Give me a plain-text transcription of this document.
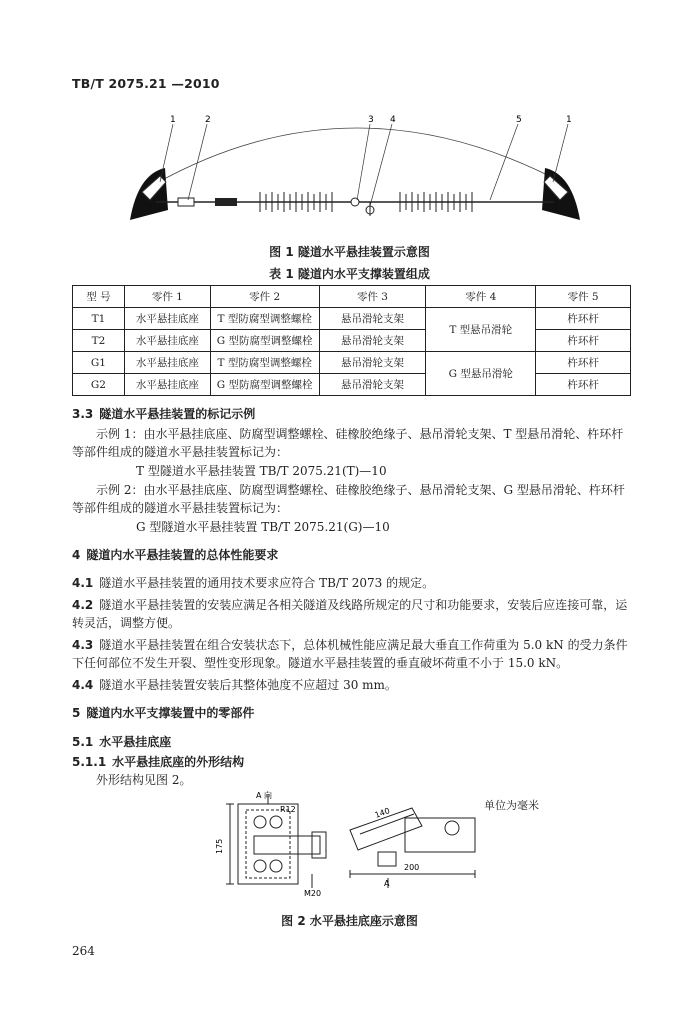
TB/T 2075.21 —2010
1	2	3 4	5	1
图 1 隧道水平悬挂装置示意图
表 1 隧道内水平支撑装置组成
型 号	零件 1	零件 2	零件 3	零件 4	零件 5
T1	水平悬挂底座	T 型防腐型调整螺栓	悬吊滑轮支架	T 型悬吊滑轮	杵环杆
T2	水平悬挂底座	G 型防腐型调整螺栓	悬吊滑轮支架		杵环杆
G1	水平悬挂底座	T 型防腐型调整螺栓	悬吊滑轮支架	G 型悬吊滑轮	杵环杆
G2	水平悬挂底座	G 型防腐型调整螺栓	悬吊滑轮支架		杵环杆
3.3 隧道水平悬挂装置的标记示例
示例 1：由水平悬挂底座、防腐型调整螺栓、硅橡胶绝缘子、悬吊滑轮支架、T 型悬吊滑轮、杵环杆等部件组成的隧道水平悬挂装置标记为：
T 型隧道水平悬挂装置 TB/T 2075.21(T)—10
示例 2：由水平悬挂底座、防腐型调整螺栓、硅橡胶绝缘子、悬吊滑轮支架、G 型悬吊滑轮、杵环杆等部件组成的隧道水平悬挂装置标记为：
G 型隧道水平悬挂装置 TB/T 2075.21(G)—10
4 隧道内水平悬挂装置的总体性能要求
4.1 隧道水平悬挂装置的通用技术要求应符合 TB/T 2073 的规定。
4.2 隧道水平悬挂装置的安装应满足各相关隧道及线路所规定的尺寸和功能要求，安装后应连接可靠，运转灵活，调整方便。
4.3 隧道水平悬挂装置在组合安装状态下，总体机械性能应满足最大垂直工作荷重为 5.0 kN 的受力条件下任何部位不发生开裂、塑性变形现象。隧道水平悬挂装置的垂直破坏荷重不小于 15.0 kN。
4.4 隧道水平悬挂装置安装后其整体弛度不应超过 30 mm。
5 隧道内水平支撑装置中的零部件
5.1 水平悬挂底座
5.1.1 水平悬挂底座的外形结构
外形结构见图 2。
单位为毫米
A 向
R12
175
M20
140
200
A
图 2 水平悬挂底座示意图
264
